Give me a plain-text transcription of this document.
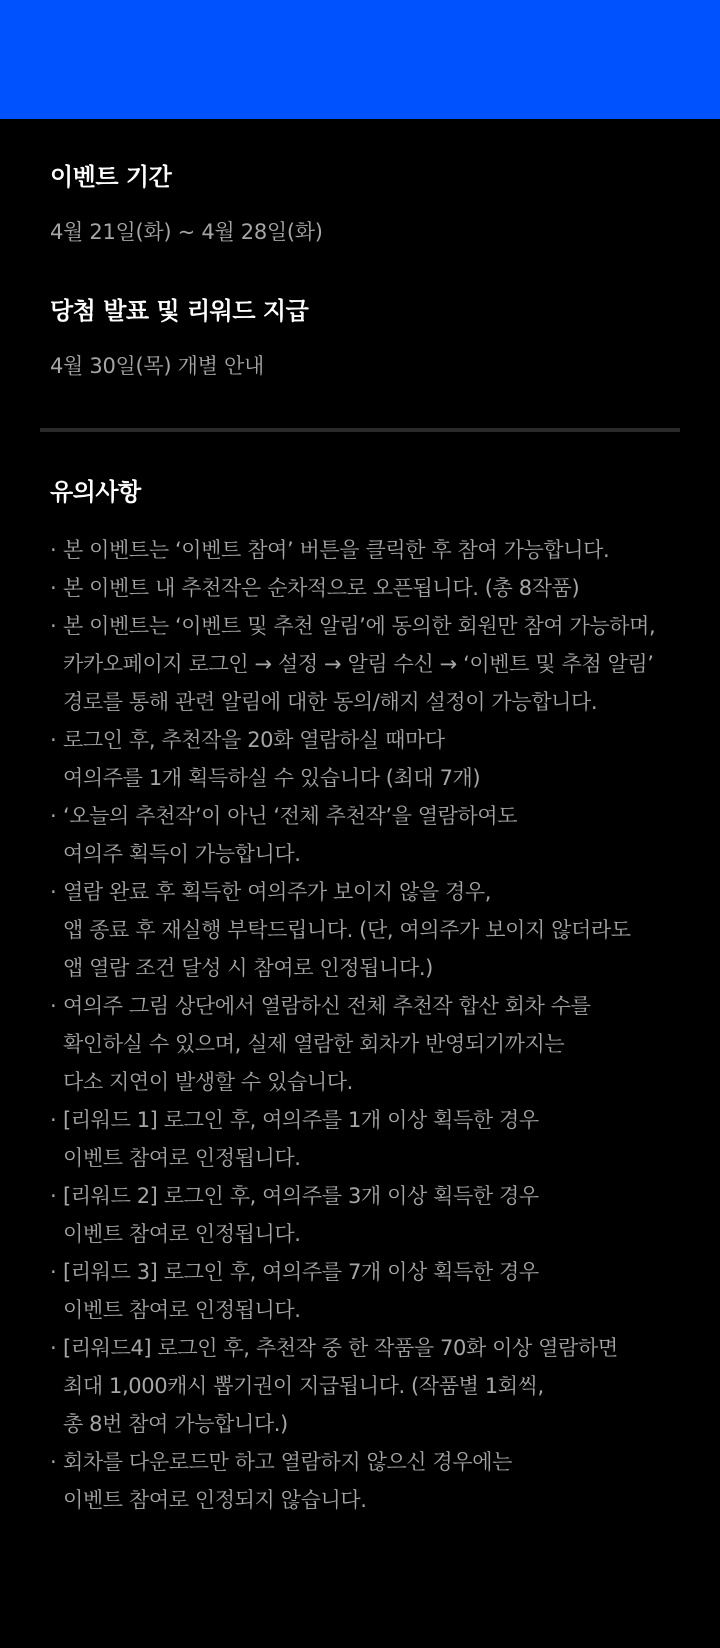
이벤트 기간

4월 21일(화) ~ 4월 28일(화)

당첨 발표 및 리워드 지급

4월 30일(목) 개별 안내

유의사항
· 본 이벤트는 ‘이벤트 참여’ 버튼을 클릭한 후 참여 가능합니다.
· 본 이벤트 내 추천작은 순차적으로 오픈됩니다. (총 8작품)
· 본 이벤트는 ‘이벤트 및 추천 알림’에 동의한 회원만 참여 가능하며,
카카오페이지 로그인 → 설정 → 알림 수신 → ‘이벤트 및 추첨 알림’
경로를 통해 관련 알림에 대한 동의/해지 설정이 가능합니다.
· 로그인 후, 추천작을 20화 열람하실 때마다
여의주를 1개 획득하실 수 있습니다 (최대 7개)
· ‘오늘의 추천작’이 아닌 ‘전체 추천작’을 열람하여도
여의주 획득이 가능합니다.
· 열람 완료 후 획득한 여의주가 보이지 않을 경우,
앱 종료 후 재실행 부탁드립니다. (단, 여의주가 보이지 않더라도
앱 열람 조건 달성 시 참여로 인정됩니다.)
· 여의주 그림 상단에서 열람하신 전체 추천작 합산 회차 수를
확인하실 수 있으며, 실제 열람한 회차가 반영되기까지는
다소 지연이 발생할 수 있습니다.
· [리워드 1] 로그인 후, 여의주를 1개 이상 획득한 경우
이벤트 참여로 인정됩니다.
· [리워드 2] 로그인 후, 여의주를 3개 이상 획득한 경우
이벤트 참여로 인정됩니다.
· [리워드 3] 로그인 후, 여의주를 7개 이상 획득한 경우
이벤트 참여로 인정됩니다.
· [리워드4] 로그인 후, 추천작 중 한 작품을 70화 이상 열람하면
최대 1,000캐시 뽑기권이 지급됩니다. (작품별 1회씩,
총 8번 참여 가능합니다.)
· 회차를 다운로드만 하고 열람하지 않으신 경우에는
이벤트 참여로 인정되지 않습니다.
